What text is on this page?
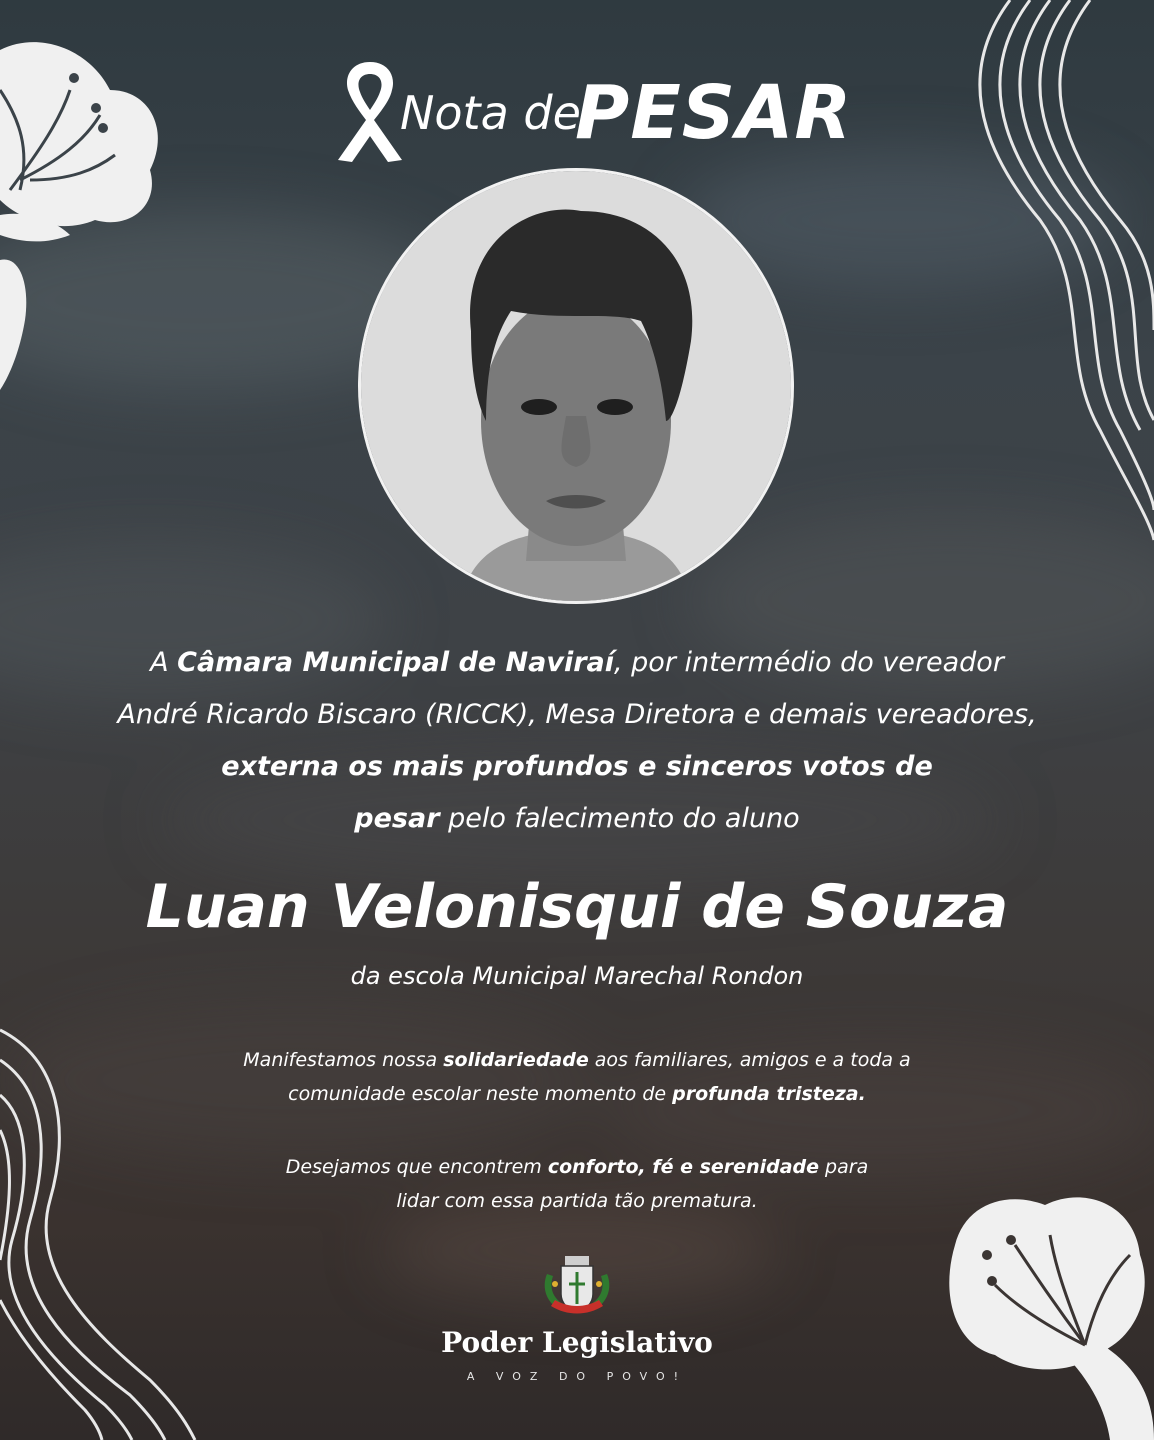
Nota de
PESAR
A Câmara Municipal de Naviraí, por intermédio do vereador
André Ricardo Biscaro (RICCK), Mesa Diretora e demais vereadores,
externa os mais profundos e sinceros votos de
pesar pelo falecimento do aluno
Luan Velonisqui de Souza
da escola Municipal Marechal Rondon
Manifestamos nossa solidariedade aos familiares, amigos e a toda a
comunidade escolar neste momento de profunda tristeza.
Desejamos que encontrem conforto, fé e serenidade para
lidar com essa partida tão prematura.
Poder Legislativo
A VOZ DO POVO!
